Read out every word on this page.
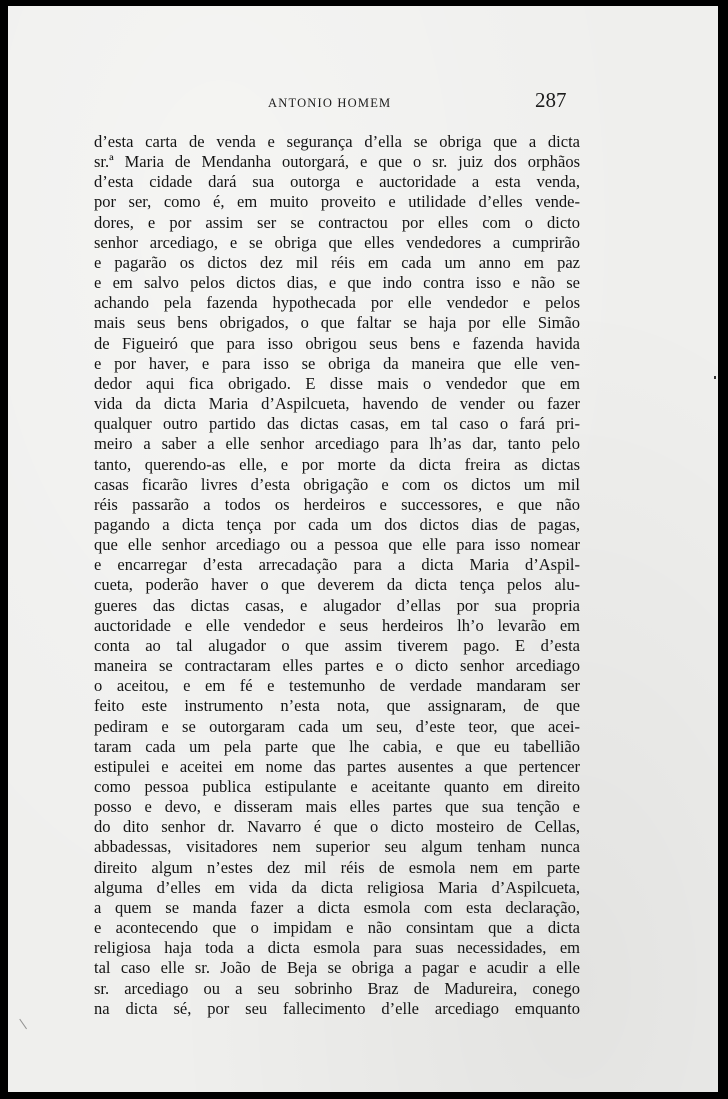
ANTONIO HOMEM	287
d’esta carta de venda e segurança d’ella se obriga que a dicta
sr.ª Maria de Mendanha outorgará, e que o sr. juiz dos orphãos
d’esta cidade dará sua outorga e auctoridade a esta venda,
por ser, como é, em muito proveito e utilidade d’elles vende-
dores, e por assim ser se contractou por elles com o dicto
senhor arcediago, e se obriga que elles vendedores a cumprirão
e pagarão os dictos dez mil réis em cada um anno em paz
e em salvo pelos dictos dias, e que indo contra isso e não se
achando pela fazenda hypothecada por elle vendedor e pelos
mais seus bens obrigados, o que faltar se haja por elle Simão
de Figueiró que para isso obrigou seus bens e fazenda havida
e por haver, e para isso se obriga da maneira que elle ven-
dedor aqui fica obrigado. E disse mais o vendedor que em
vida da dicta Maria d’Aspilcueta, havendo de vender ou fazer
qualquer outro partido das dictas casas, em tal caso o fará pri-
meiro a saber a elle senhor arcediago para lh’as dar, tanto pelo
tanto, querendo-as elle, e por morte da dicta freira as dictas
casas ficarão livres d’esta obrigação e com os dictos um mil
réis passarão a todos os herdeiros e successores, e que não
pagando a dicta tença por cada um dos dictos dias de pagas,
que elle senhor arcediago ou a pessoa que elle para isso nomear
e encarregar d’esta arrecadação para a dicta Maria d’Aspil-
cueta, poderão haver o que deverem da dicta tença pelos alu-
gueres das dictas casas, e alugador d’ellas por sua propria
auctoridade e elle vendedor e seus herdeiros lh’o levarão em
conta ao tal alugador o que assim tiverem pago. E d’esta
maneira se contractaram elles partes e o dicto senhor arcediago
o aceitou, e em fé e testemunho de verdade mandaram ser
feito este instrumento n’esta nota, que assignaram, de que
pediram e se outorgaram cada um seu, d’este teor, que acei-
taram cada um pela parte que lhe cabia, e que eu tabellião
estipulei e aceitei em nome das partes ausentes a que pertencer
como pessoa publica estipulante e aceitante quanto em direito
posso e devo, e disseram mais elles partes que sua tenção e
do dito senhor dr. Navarro é que o dicto mosteiro de Cellas,
abbadessas, visitadores nem superior seu algum tenham nunca
direito algum n’estes dez mil réis de esmola nem em parte
alguma d’elles em vida da dicta religiosa Maria d’Aspilcueta,
a quem se manda fazer a dicta esmola com esta declaração,
e acontecendo que o impidam e não consintam que a dicta
religiosa haja toda a dicta esmola para suas necessidades, em
tal caso elle sr. João de Beja se obriga a pagar e acudir a elle
sr. arcediago ou a seu sobrinho Braz de Madureira, conego
na dicta sé, por seu fallecimento d’elle arcediago emquanto
